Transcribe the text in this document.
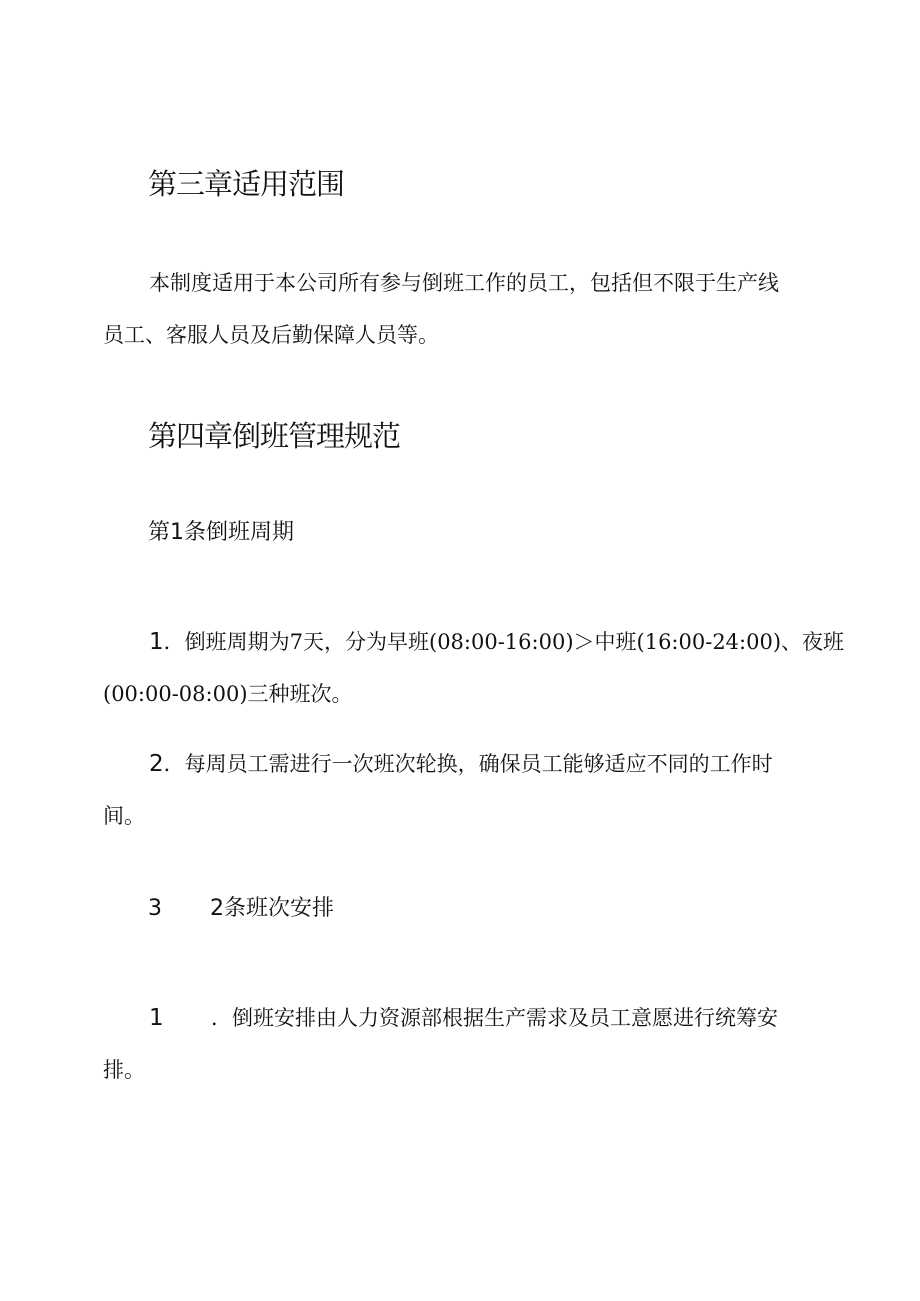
第三章适用范围
本制度适用于本公司所有参与倒班工作的员工，包括但不限于生产线
员工、客服人员及后勤保障人员等。
第四章倒班管理规范
第1条倒班周期
1．倒班周期为7天，分为早班(08:00-16:00)＞中班(16:00-24:00)、夜班
(00:00-08:00)三种班次。
2．每周员工需进行一次班次轮换，确保员工能够适应不同的工作时
间。
3 2条班次安排
1 ．倒班安排由人力资源部根据生产需求及员工意愿进行统筹安
排。
